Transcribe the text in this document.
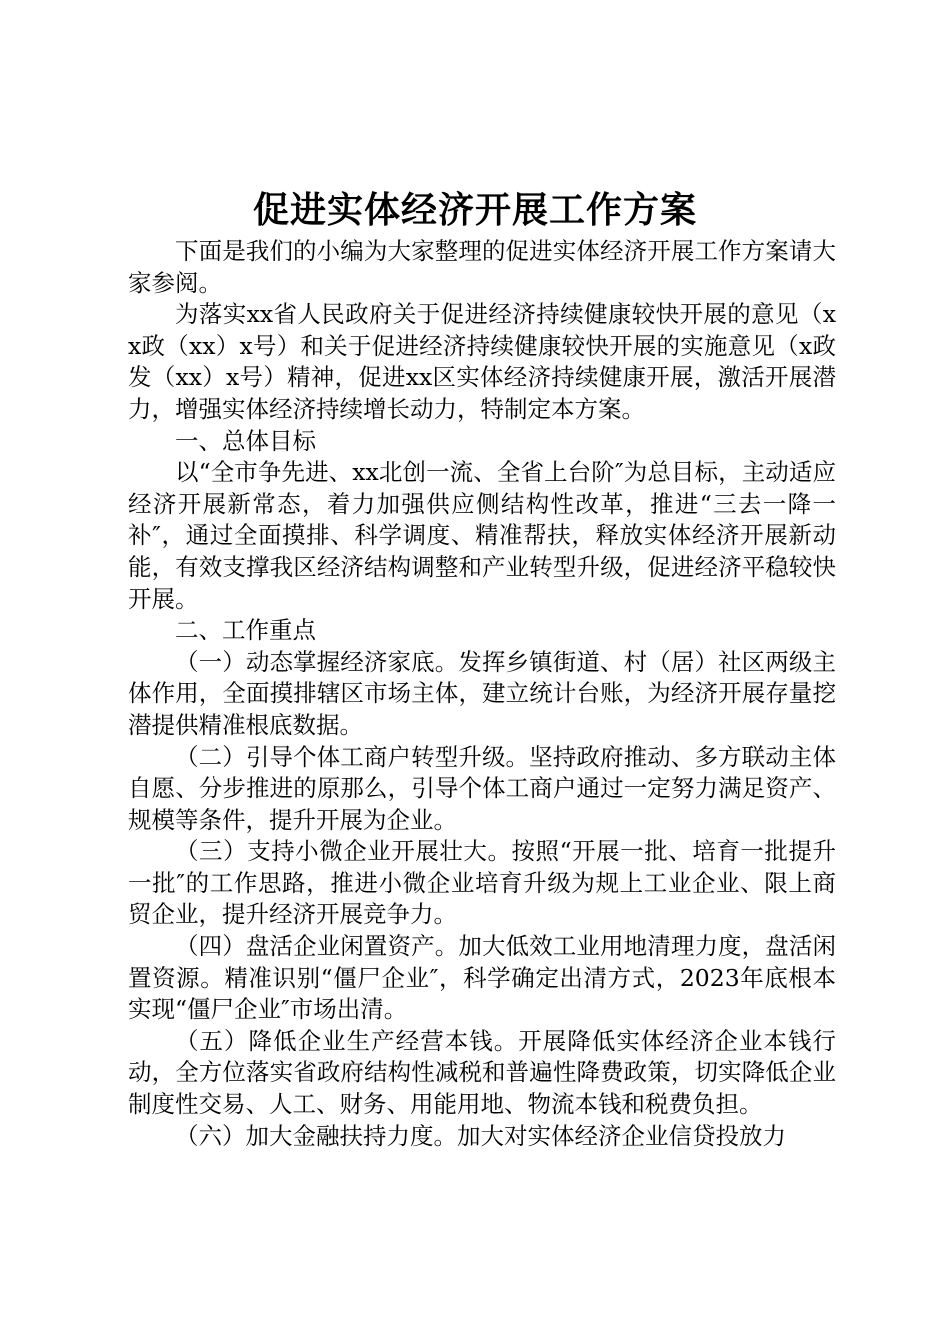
促进实体经济开展工作方案

下面是我们的小编为大家整理的促进实体经济开展工作方案请大家参阅。

为落实xx省人民政府关于促进经济持续健康较快开展的意见（xx政（xx）x号）和关于促进经济持续健康较快开展的实施意见（x政发（xx）x号）精神，促进xx区实体经济持续健康开展，激活开展潜力，增强实体经济持续增长动力，特制定本方案。

一、总体目标

以“全市争先进、xx北创一流、全省上台阶″为总目标，主动适应经济开展新常态，着力加强供应侧结构性改革，推进“三去一降一补″，通过全面摸排、科学调度、精准帮扶，释放实体经济开展新动能，有效支撑我区经济结构调整和产业转型升级，促进经济平稳较快开展。

二、工作重点

（一）动态掌握经济家底。发挥乡镇街道、村（居）社区两级主体作用，全面摸排辖区市场主体，建立统计台账，为经济开展存量挖潜提供精准根底数据。

（二）引导个体工商户转型升级。坚持政府推动、多方联动主体自愿、分步推进的原那么，引导个体工商户通过一定努力满足资产、规模等条件，提升开展为企业。

（三）支持小微企业开展壮大。按照“开展一批、培育一批提升一批″的工作思路，推进小微企业培育升级为规上工业企业、限上商贸企业，提升经济开展竞争力。

（四）盘活企业闲置资产。加大低效工业用地清理力度，盘活闲置资源。精准识别“僵尸企业″，科学确定出清方式，2023年底根本实现“僵尸企业″市场出清。

（五）降低企业生产经营本钱。开展降低实体经济企业本钱行动，全方位落实省政府结构性减税和普遍性降费政策，切实降低企业制度性交易、人工、财务、用能用地、物流本钱和税费负担。

（六）加大金融扶持力度。加大对实体经济企业信贷投放力
